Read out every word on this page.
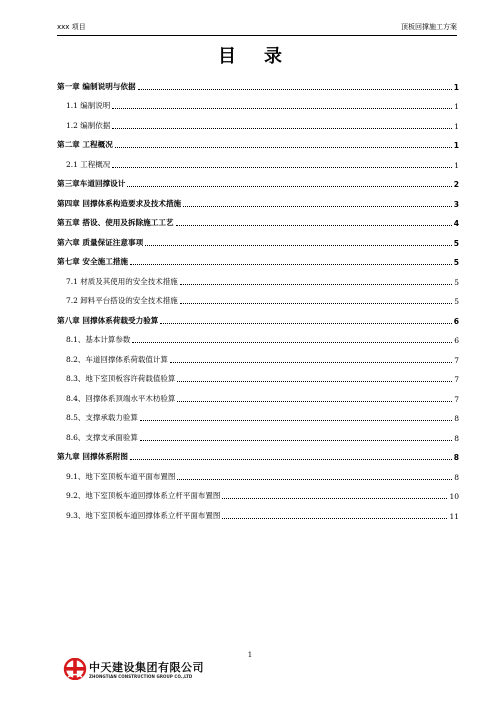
xxx 项目	顶板回撑施工方案
目录
第一章 编制说明与依据	1
1.1 编制说明	1
1.2 编制依据	1
第二章 工程概况	1
2.1 工程概况	1
第三章车道回撑设计	2
第四章 回撑体系构造要求及技术措施	3
第五章 搭设、使用及拆除施工工艺	4
第六章 质量保证注意事项	5
第七章 安全施工措施	5
7.1 材质及其使用的安全技术措施	5
7.2 卸料平台搭设的安全技术措施	5
第八章 回撑体系荷载受力验算	6
8.1、基本计算参数	6
8.2、车道回撑体系荷载值计算	7
8.3、地下室顶板容许荷载值验算	7
8.4、回撑体系顶端水平木枋验算	7
8.5、支撑承载力验算	8
8.6、支撑支承面验算	8
第九章 回撑体系附图	8
9.1、地下室顶板车道平面布置图	8
9.2、地下室顶板车道回撑体系立杆平面布置图	10
9.3、地下室顶板车道回撑体系立杆平面布置图	11
1
中天建设集团有限公司
ZHONGTIAN CONSTRUCTION GROUP CO.,LTD
